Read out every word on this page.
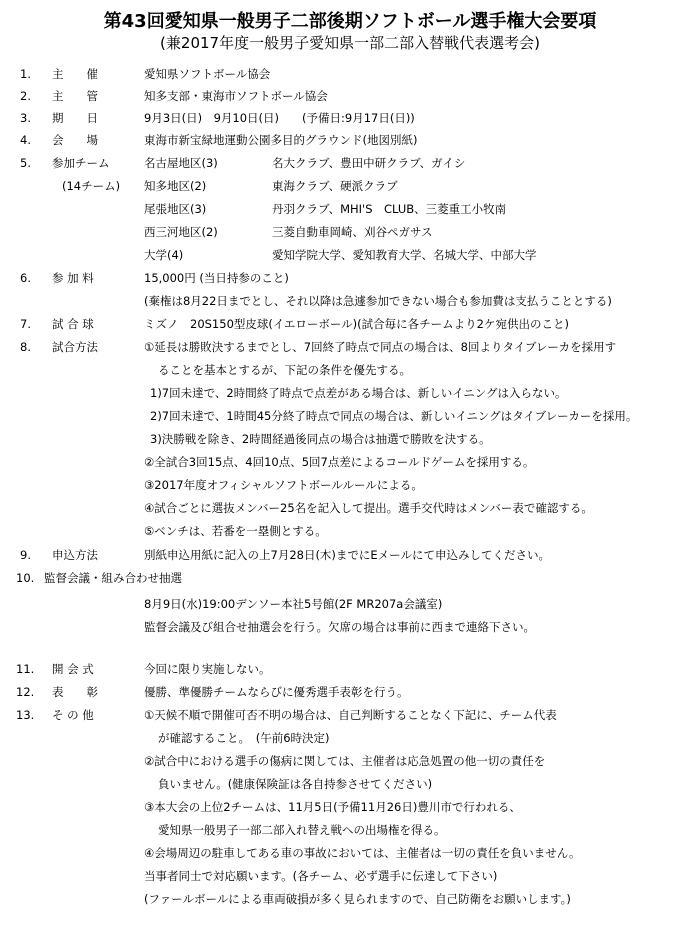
第43回愛知県一般男子二部後期ソフトボール選手権大会要項
(兼2017年度一般男子愛知県一部二部入替戦代表選考会)
1.	主　　催	愛知県ソフトボール協会
2.	主　　管	知多支部・東海市ソフトボール協会
3.	期　　日	9月3日(日)　9月10日(日)　　(予備日:9月17日(日))
4.	会　　場	東海市新宝緑地運動公園多目的グラウンド(地図別紙)
5.	参加チーム
(14チーム)
名古屋地区(3)	名大クラブ、豊田中研クラブ、ガイシ
知多地区(2)	東海クラブ、硬派クラブ
尾張地区(3)	丹羽クラブ、MHI'S　CLUB、三菱重工小牧南
西三河地区(2)	三菱自動車岡崎、刈谷ペガサス
大学(4)	愛知学院大学、愛知教育大学、名城大学、中部大学
6.	参 加 料	15,000円 (当日持参のこと)
(棄権は8月22日までとし、それ以降は急遽参加できない場合も参加費は支払うこととする)
7.	試 合 球	ミズノ　20S150型皮球(イエローボール)(試合毎に各チームより2ケ宛供出のこと)
8.	試合方法	①延長は勝敗決するまでとし、7回終了時点で同点の場合は、8回よりタイブレーカを採用す
ることを基本とするが、下記の条件を優先する。
1)7回未達で、2時間終了時点で点差がある場合は、新しいイニングは入らない。
2)7回未達で、1時間45分終了時点で同点の場合は、新しいイニングはタイブレーカーを採用。
3)決勝戦を除き、2時間経過後同点の場合は抽選で勝敗を決する。
②全試合3回15点、4回10点、5回7点差によるコールドゲームを採用する。
③2017年度オフィシャルソフトボールルールによる。
④試合ごとに選抜メンバー25名を記入して提出。選手交代時はメンバー表で確認する。
⑤ベンチは、若番を一塁側とする。
9.	申込方法	別紙申込用紙に記入の上7月28日(木)までにEメールにて申込みしてください。
10. 監督会議・組み合わせ抽選
8月9日(水)19:00デンソー本社5号館(2F MR207a会議室)
監督会議及び組合せ抽選会を行う。欠席の場合は事前に西まで連絡下さい。
11.	開 会 式	今回に限り実施しない。
12.	表　　彰	優勝、準優勝チームならびに優秀選手表彰を行う。
13.	そ の 他	①天候不順で開催可否不明の場合は、自己判断することなく下記に、チーム代表
が確認すること。　(午前6時決定)
②試合中における選手の傷病に関しては、主催者は応急処置の他一切の責任を
負いません。(健康保険証は各自持参させてください)
③本大会の上位2チームは、11月5日(予備11月26日)豊川市で行われる、
愛知県一般男子一部二部入れ替え戦への出場権を得る。
④会場周辺の駐車してある車の事故においては、主催者は一切の責任を負いません。
当事者同士で対応願います。(各チーム、必ず選手に伝達して下さい)
(ファールボールによる車両破損が多く見られますので、自己防衛をお願いします。)
